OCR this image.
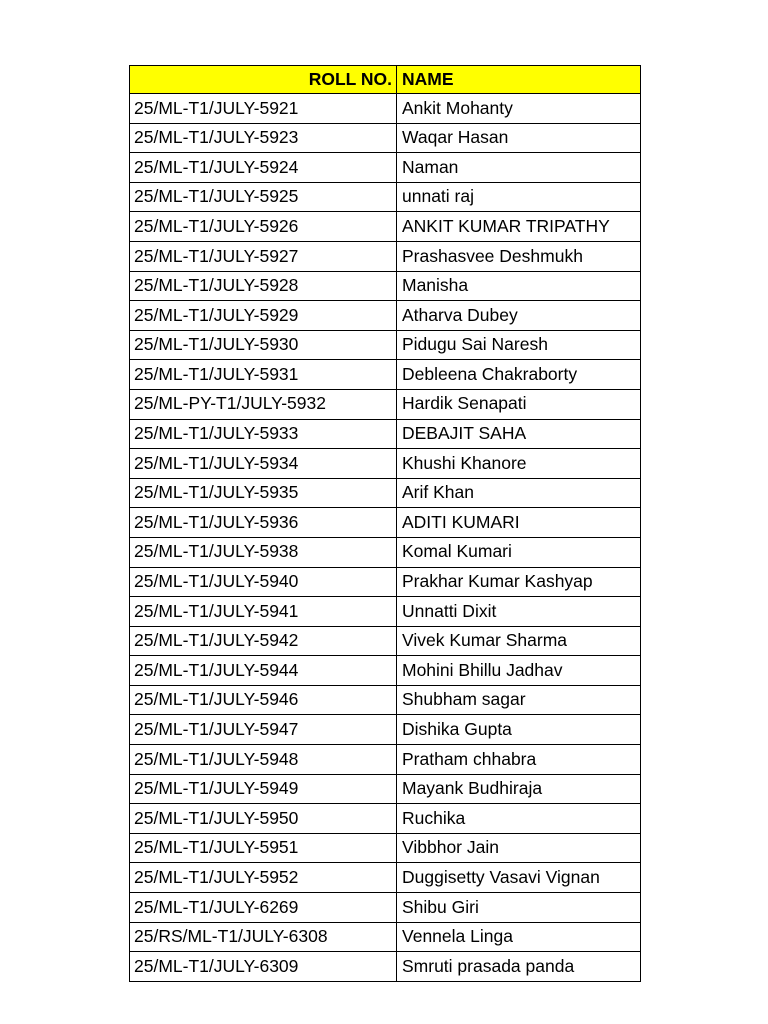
ROLL NO.	NAME
25/ML-T1/JULY-5921	Ankit Mohanty
25/ML-T1/JULY-5923	Waqar Hasan
25/ML-T1/JULY-5924	Naman
25/ML-T1/JULY-5925	unnati raj
25/ML-T1/JULY-5926	ANKIT KUMAR TRIPATHY
25/ML-T1/JULY-5927	Prashasvee Deshmukh
25/ML-T1/JULY-5928	Manisha
25/ML-T1/JULY-5929	Atharva Dubey
25/ML-T1/JULY-5930	Pidugu Sai Naresh
25/ML-T1/JULY-5931	Debleena Chakraborty
25/ML-PY-T1/JULY-5932	Hardik Senapati
25/ML-T1/JULY-5933	DEBAJIT SAHA
25/ML-T1/JULY-5934	Khushi Khanore
25/ML-T1/JULY-5935	Arif Khan
25/ML-T1/JULY-5936	ADITI KUMARI
25/ML-T1/JULY-5938	Komal Kumari
25/ML-T1/JULY-5940	Prakhar Kumar Kashyap
25/ML-T1/JULY-5941	Unnatti Dixit
25/ML-T1/JULY-5942	Vivek Kumar Sharma
25/ML-T1/JULY-5944	Mohini Bhillu Jadhav
25/ML-T1/JULY-5946	Shubham sagar
25/ML-T1/JULY-5947	Dishika Gupta
25/ML-T1/JULY-5948	Pratham chhabra
25/ML-T1/JULY-5949	Mayank Budhiraja
25/ML-T1/JULY-5950	Ruchika
25/ML-T1/JULY-5951	Vibbhor Jain
25/ML-T1/JULY-5952	Duggisetty Vasavi Vignan
25/ML-T1/JULY-6269	Shibu Giri
25/RS/ML-T1/JULY-6308	Vennela Linga
25/ML-T1/JULY-6309	Smruti prasada panda
